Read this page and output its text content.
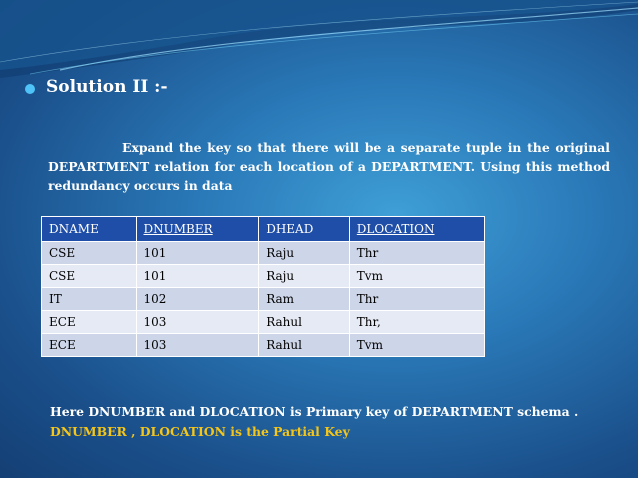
Solution II :-
Expand the key so that there will be a separate tuple in the original DEPARTMENT relation for each location of a DEPARTMENT. Using this method redundancy occurs in data
DNAME	DNUMBER	DHEAD	DLOCATION
CSE	101	Raju	Thr
CSE	101	Raju	Tvm
IT	102	Ram	Thr
ECE	103	Rahul	Thr,
ECE	103	Rahul	Tvm
Here DNUMBER and DLOCATION is Primary key of DEPARTMENT schema .
DNUMBER , DLOCATION is the Partial Key
